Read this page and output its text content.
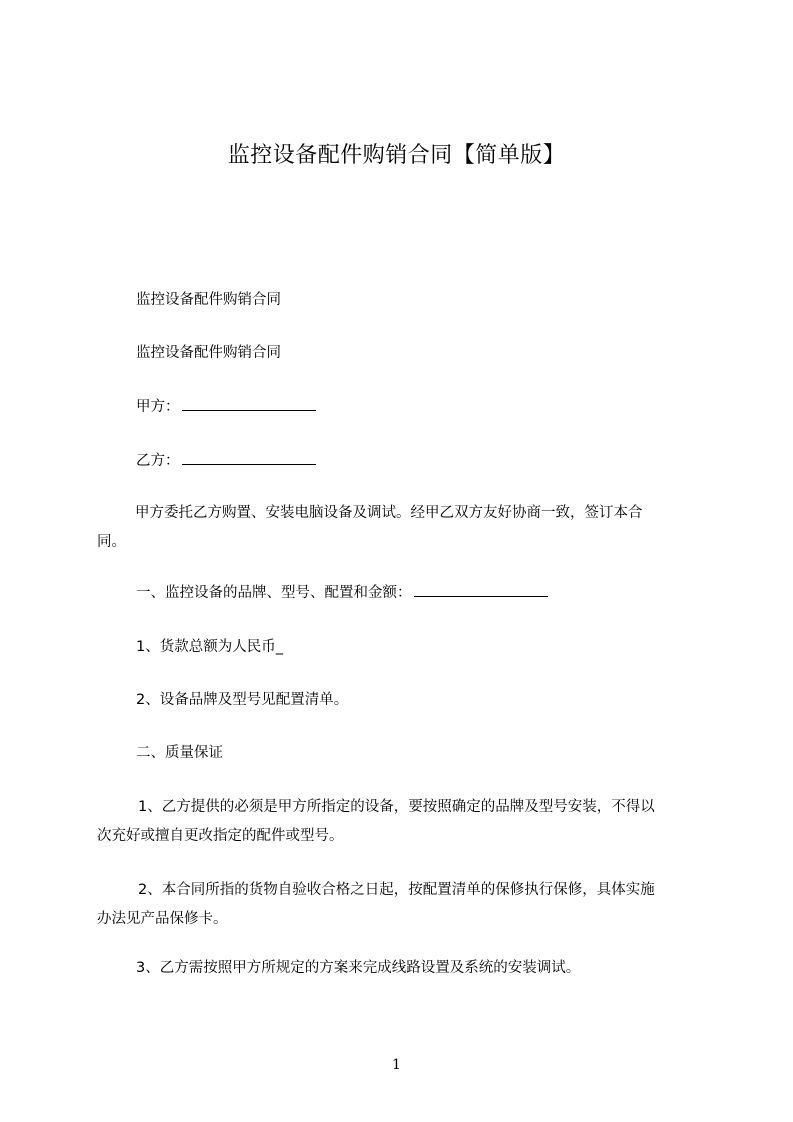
监控设备配件购销合同【简单版】
监控设备配件购销合同
监控设备配件购销合同
甲方：
乙方：
甲方委托乙方购置、安装电脑设备及调试。经甲乙双方友好协商一致，签订本合
同。
一、监控设备的品牌、型号、配置和金额：
1、货款总额为人民币_
2、设备品牌及型号见配置清单。
二、质量保证
1、乙方提供的必须是甲方所指定的设备，要按照确定的品牌及型号安装，不得以
次充好或擅自更改指定的配件或型号。
2、本合同所指的货物自验收合格之日起，按配置清单的保修执行保修，具体实施
办法见产品保修卡。
3、乙方需按照甲方所规定的方案来完成线路设置及系统的安装调试。
1
